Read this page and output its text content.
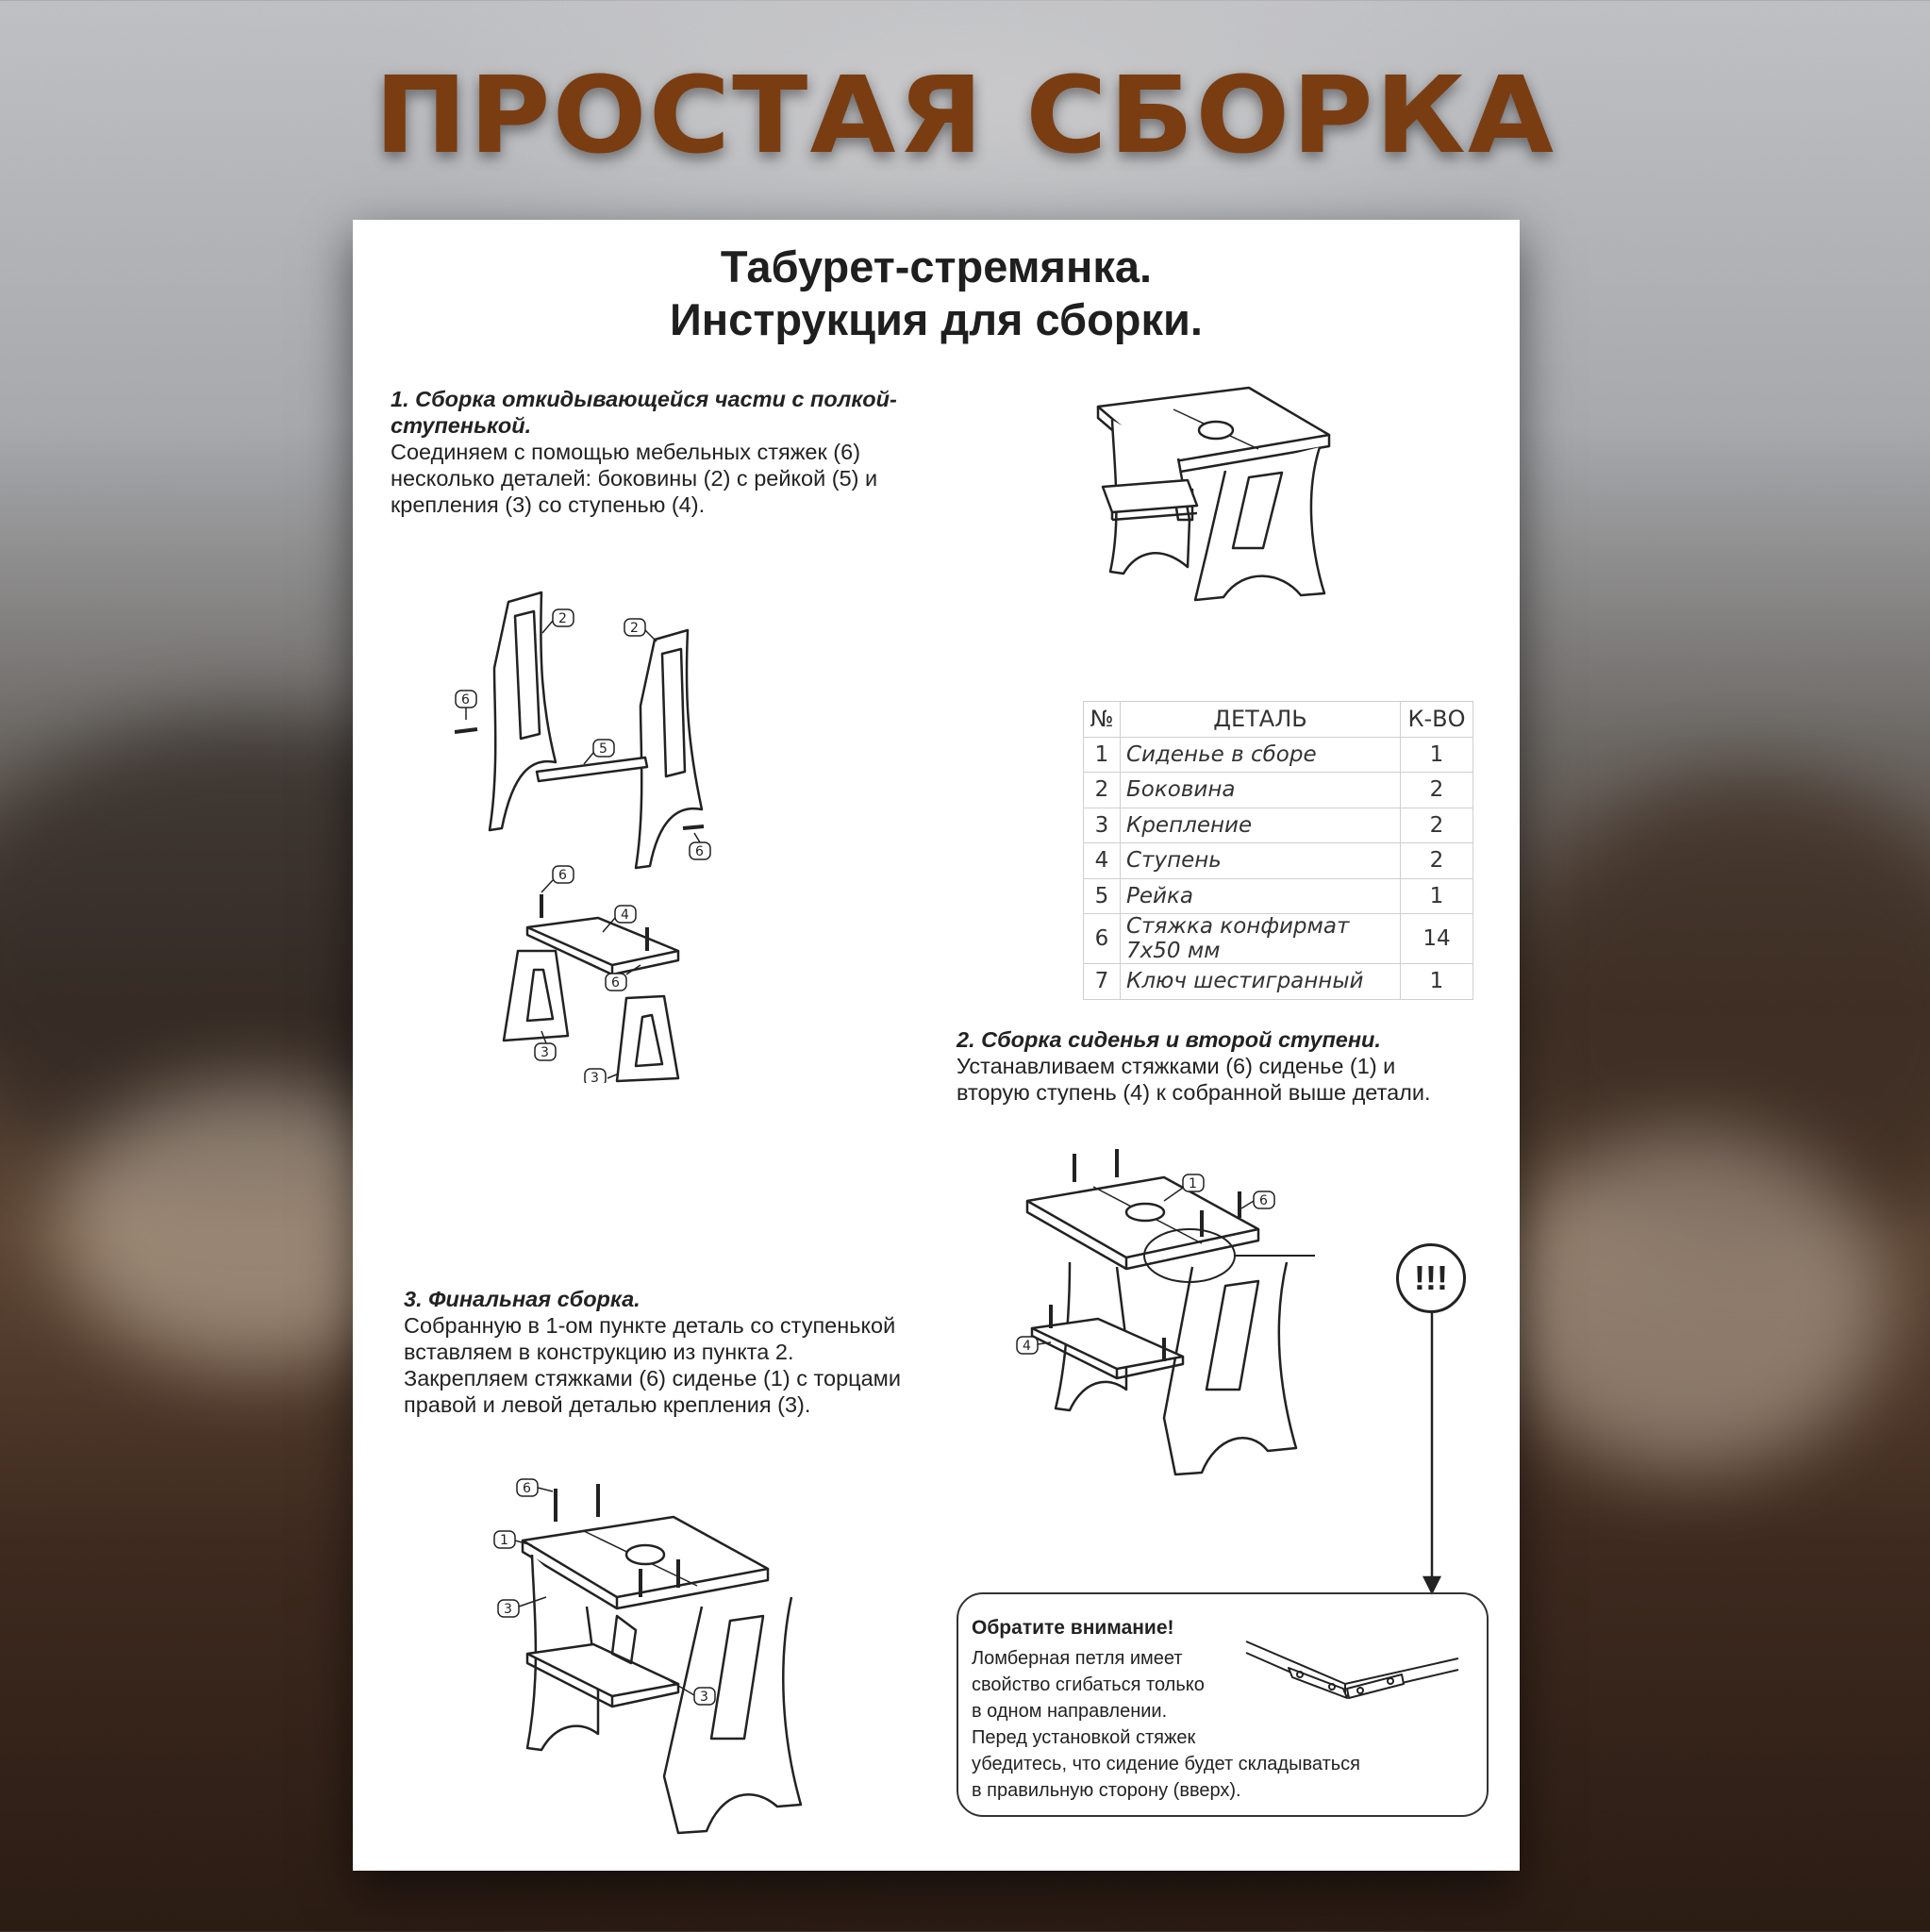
ПРОСТАЯ СБОРКА
Табурет-стремянка.
Инструкция для сборки.
1. Сборка откидывающейся части с полкой-
ступенькой.
Соединяем с помощью мебельных стяжек (6)
несколько деталей: боковины (2) с рейкой (5) и
крепления (3) со ступенью (4).
2. Сборка сиденья и второй ступени.
Устанавливаем стяжками (6) сиденье (1) и
вторую ступень (4) к собранной выше детали.
3. Финальная сборка.
Собранную в 1-ом пункте деталь со ступенькой
вставляем в конструкцию из пункта 2.
Закрепляем стяжками (6) сиденье (1) с торцами
правой и левой деталью крепления (3).
№	ДЕТАЛЬ	К-ВО
1	Сиденье в сборе	1
2	Боковина	2
3	Крепление	2
4	Ступень	2
5	Рейка	1
6	Стяжка конфирмат 7х50 мм	14
7	Ключ шестигранный	1
2
2
6
5
6
6
4
6
3
3
1
6
4
!!!
6
1
3
3
Обратите внимание!
Ломберная петля имеет
свойство сгибаться только
в одном направлении.
Перед установкой стяжек
убедитесь, что сидение будет складываться
в правильную сторону (вверх).
